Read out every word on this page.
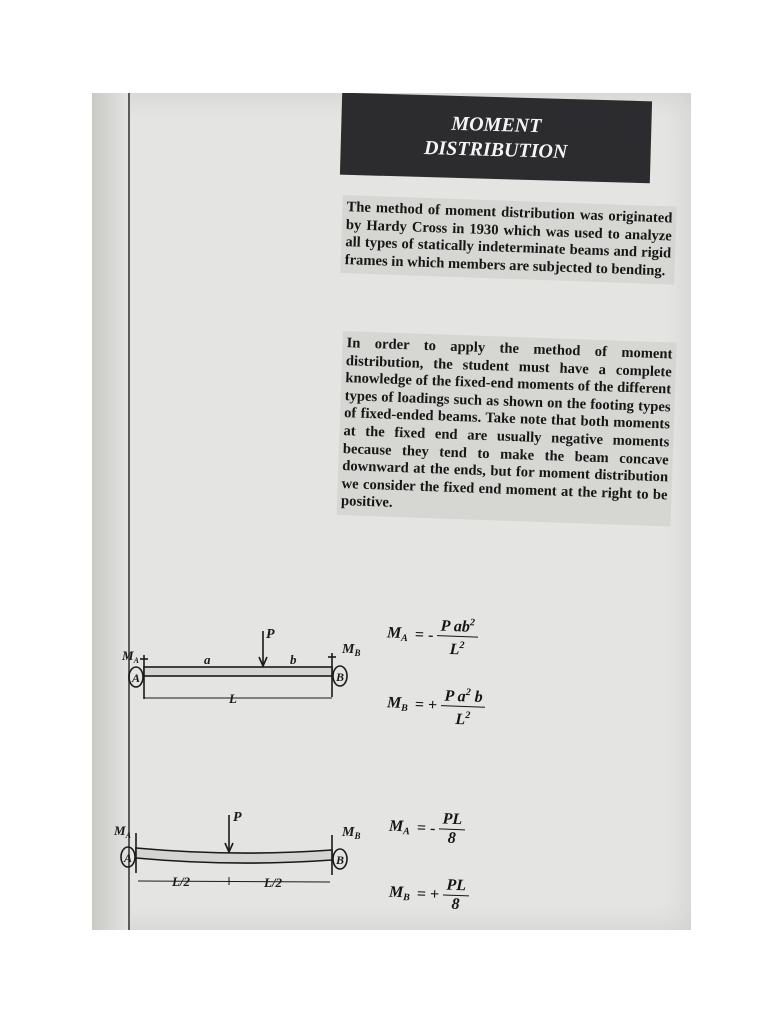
MOMENT
DISTRIBUTION
The method of moment distribution was originated by Hardy Cross in 1930 which was used to analyze all types of statically indeterminate beams and rigid frames in which members are subjected to bending.
In order to apply the method of moment distribution, the student must have a complete knowledge of the fixed-end moments of the different types of loadings such as shown on the footing types of fixed-ended beams. Take note that both moments at the fixed end are usually negative moments because they tend to make the beam concave downward at the ends, but for moment distribution we consider the fixed end moment at the right to be positive.
$M_A$
$M_B$
A	B
P
a	b
L
$M_A$	$M_B$
A	B
P
L/2	L/2
$M_A$ = - $\frac{P ab^2}{L^2}$
$M_B$ = + $\frac{P a^2 b}{L^2}$
$M_A$ = - $\frac{PL}{8}$
$M_B$ = + $\frac{PL}{8}$
